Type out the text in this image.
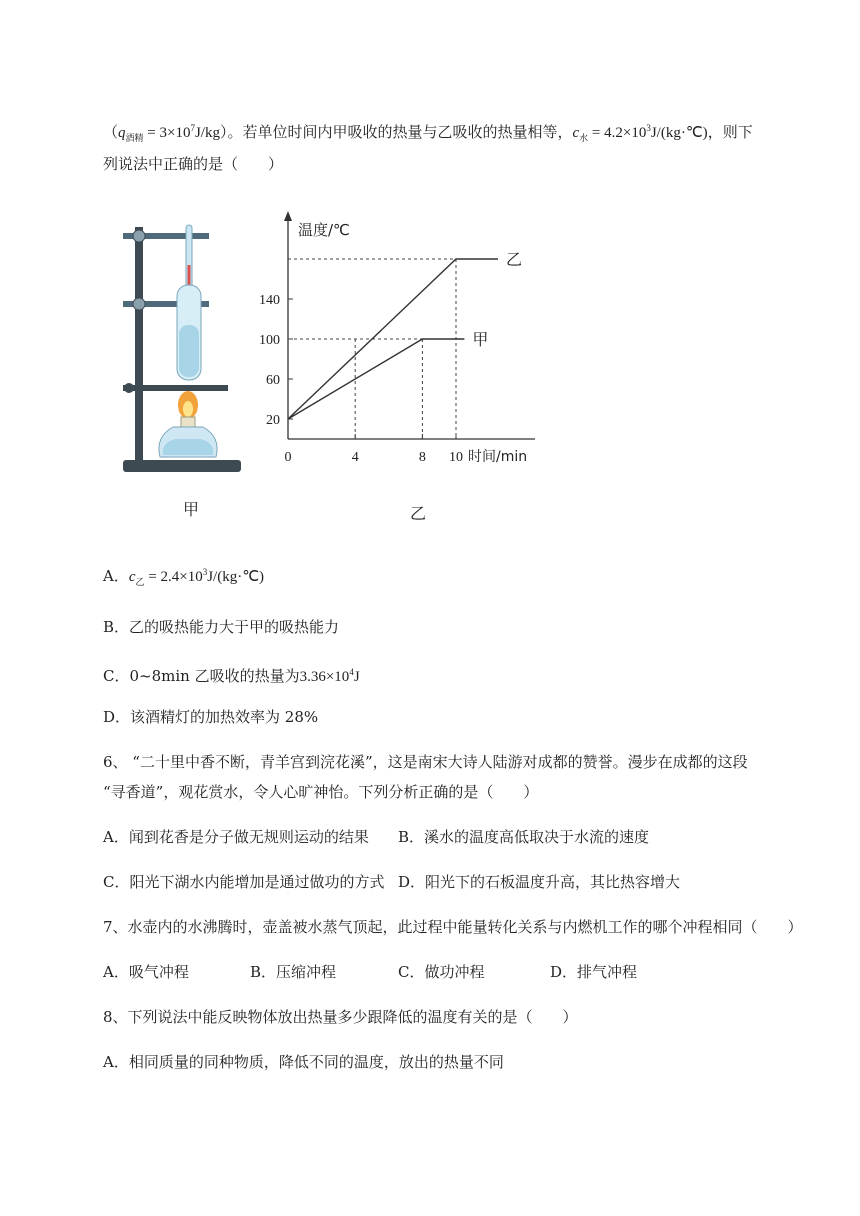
$(q_{酒精} = 3\times 10^7J/kg)$。若单位时间内甲吸收的热量与乙吸收的热量相等，$c_水$ = $4.2\times 10^3J/(kg\cdot℃)$，则下
列说法中正确的是（　　）
甲
20
60
100
140
0	4	8 10
温度/℃
时间/min
乙
甲
乙
A．$c_乙$ = $2.4\times 10^3J/(kg\cdot℃)$
B．乙的吸热能力大于甲的吸热能力
C．0~8min 乙吸收的热量为$3.36\times 10^4J$
D．该酒精灯的加热效率为 28%
6、 “二十里中香不断，青羊宫到浣花溪”，这是南宋大诗人陆游对成都的赞誉。漫步在成都的这段
“寻香道”，观花赏水，令人心旷神怡。下列分析正确的是（　　）
A．闻到花香是分子做无规则运动的结果 B．溪水的温度高低取决于水流的速度
C．阳光下湖水内能增加是通过做功的方式 D．阳光下的石板温度升高，其比热容增大
7、水壶内的水沸腾时，壶盖被水蒸气顶起，此过程中能量转化关系与内燃机工作的哪个冲程相同（　　）
A．吸气冲程	B．压缩冲程	C．做功冲程	D．排气冲程
8、下列说法中能反映物体放出热量多少跟降低的温度有关的是（　　）
A．相同质量的同种物质，降低不同的温度，放出的热量不同
